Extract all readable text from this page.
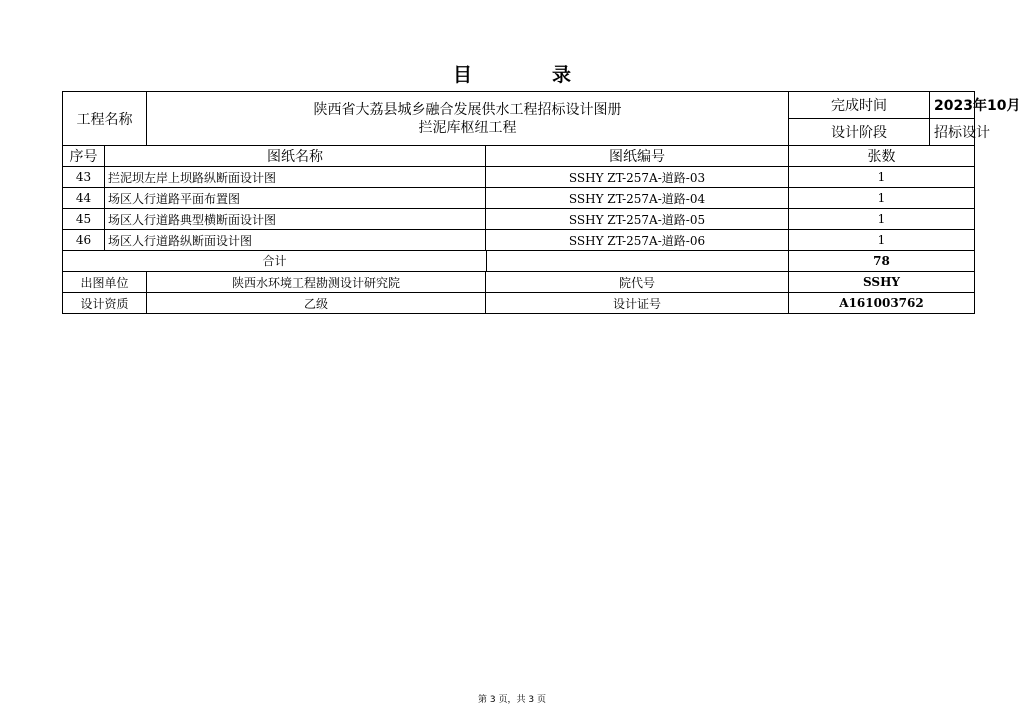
目	录
工程名称		陕西省大荔县城乡融合发展供水工程招标设计图册
拦泥库枢纽工程		完成时间	2023年10月
				设计阶段	招标设计
序号	图纸名称		图纸编号	张数	
43	拦泥坝左岸上坝路纵断面设计图		SSHY ZT-257A-道路-03	1	
44	场区人行道路平面布置图		SSHY ZT-257A-道路-04	1	
45	场区人行道路典型横断面设计图		SSHY ZT-257A-道路-05	1	
46	场区人行道路纵断面设计图		SSHY ZT-257A-道路-06	1	
合计				78	
出图单位		陕西水环境工程勘测设计研究院	院代号	SSHY	
设计资质		乙级	设计证号	A161003762	
第 3 页，共 3 页
